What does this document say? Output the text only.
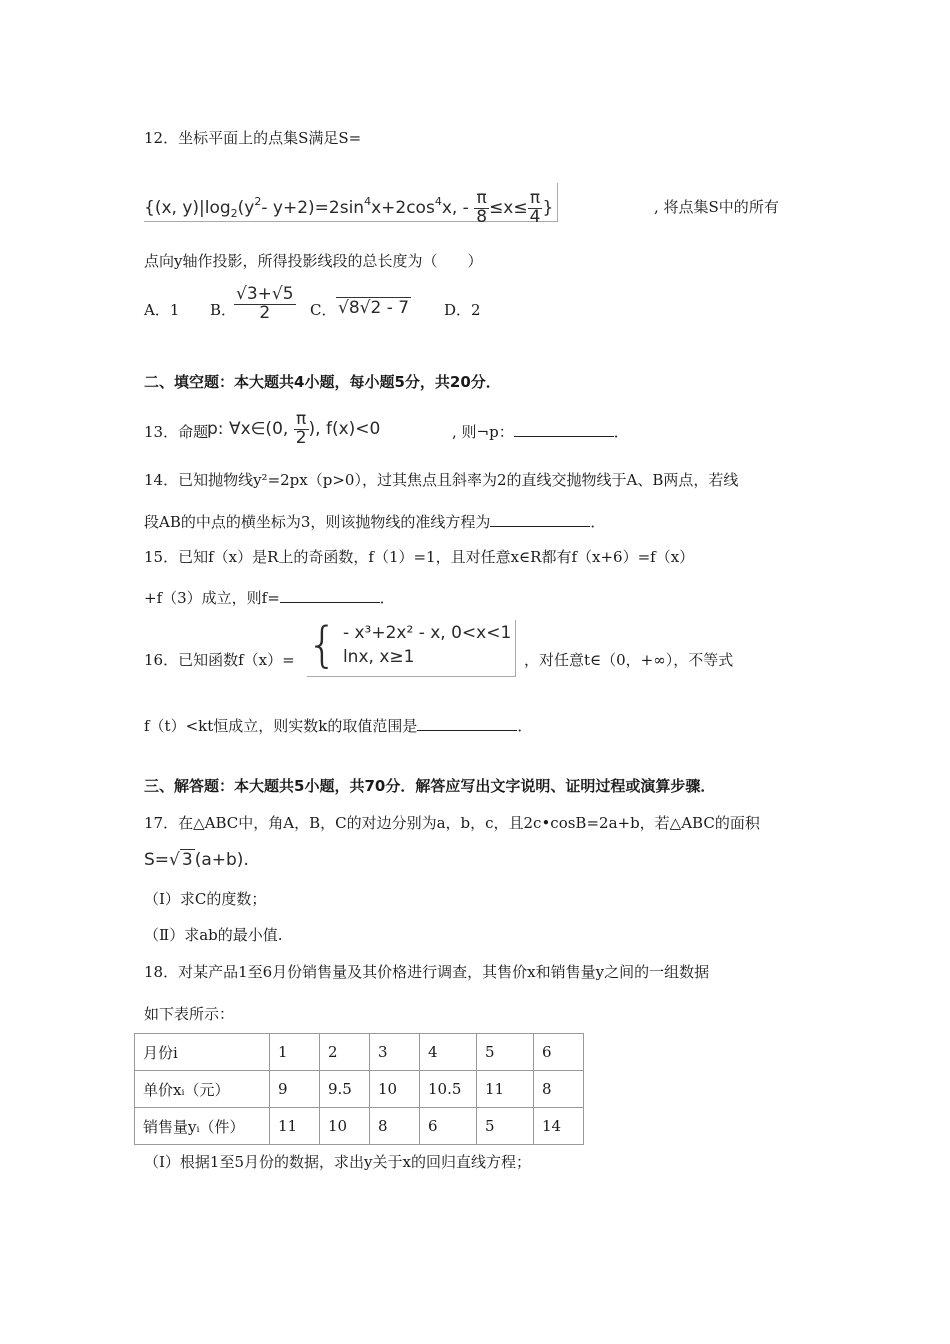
12．坐标平面上的点集S满足S=
{(x, $y)|\log_2(y^2-$ $y+2)=2\sin^4x+2\cos^4x$, - $\frac{\pi}{8} \le x\le \frac{\pi}{4}$ }	, 将点集S中的所有
点向y轴作投影，所得投影线段的总长度为（　　）
A．1 B．
$\frac{√3+√5}{2}$ C． √8√2 - 7 D．2
二、填空题：本大题共4小题，每小题5分，共20分．
13．命题
p: ∀x∈(0, $\frac{\pi}{2}$ ), f(x)<0	, 则¬p：	．
14．已知抛物线y²=2px（p>0），过其焦点且斜率为2的直线交抛物线于A、B两点，若线
段AB的中点的横坐标为3，则该抛物线的准线方程为	．
15．已知f（x）是R上的奇函数，f（1）=1，且对任意x∈R都有f（x+6）=f（x）
+f（3）成立，则f=	．
16．已知函数f（x）= { - x³+2x² - x, 0<x<1
lnx, x≥1	，对任意t∈（0，+∞），不等式
f（t）<kt恒成立，则实数k的取值范围是	．
三、解答题：本大题共5小题，共70分．解答应写出文字说明、证明过程或演算步骤．
17．在△ABC中，角A，B，C的对边分别为a，b，c，且2c•cosB=2a+b，若△ABC的面积
S=√ 3 (a+b).
（Ⅰ）求C的度数；
（Ⅱ）求ab的最小值.
18．对某产品1至6月份销售量及其价格进行调查，其售价x和销售量y之间的一组数据
如下表所示：
月份i	1	2	3	4	5	6
单价xᵢ（元）	9	9.5	10	10.5	11	8
销售量yᵢ（件）	11	10	8	6	5	14
（Ⅰ）根据1至5月份的数据，求出y关于x的回归直线方程；
